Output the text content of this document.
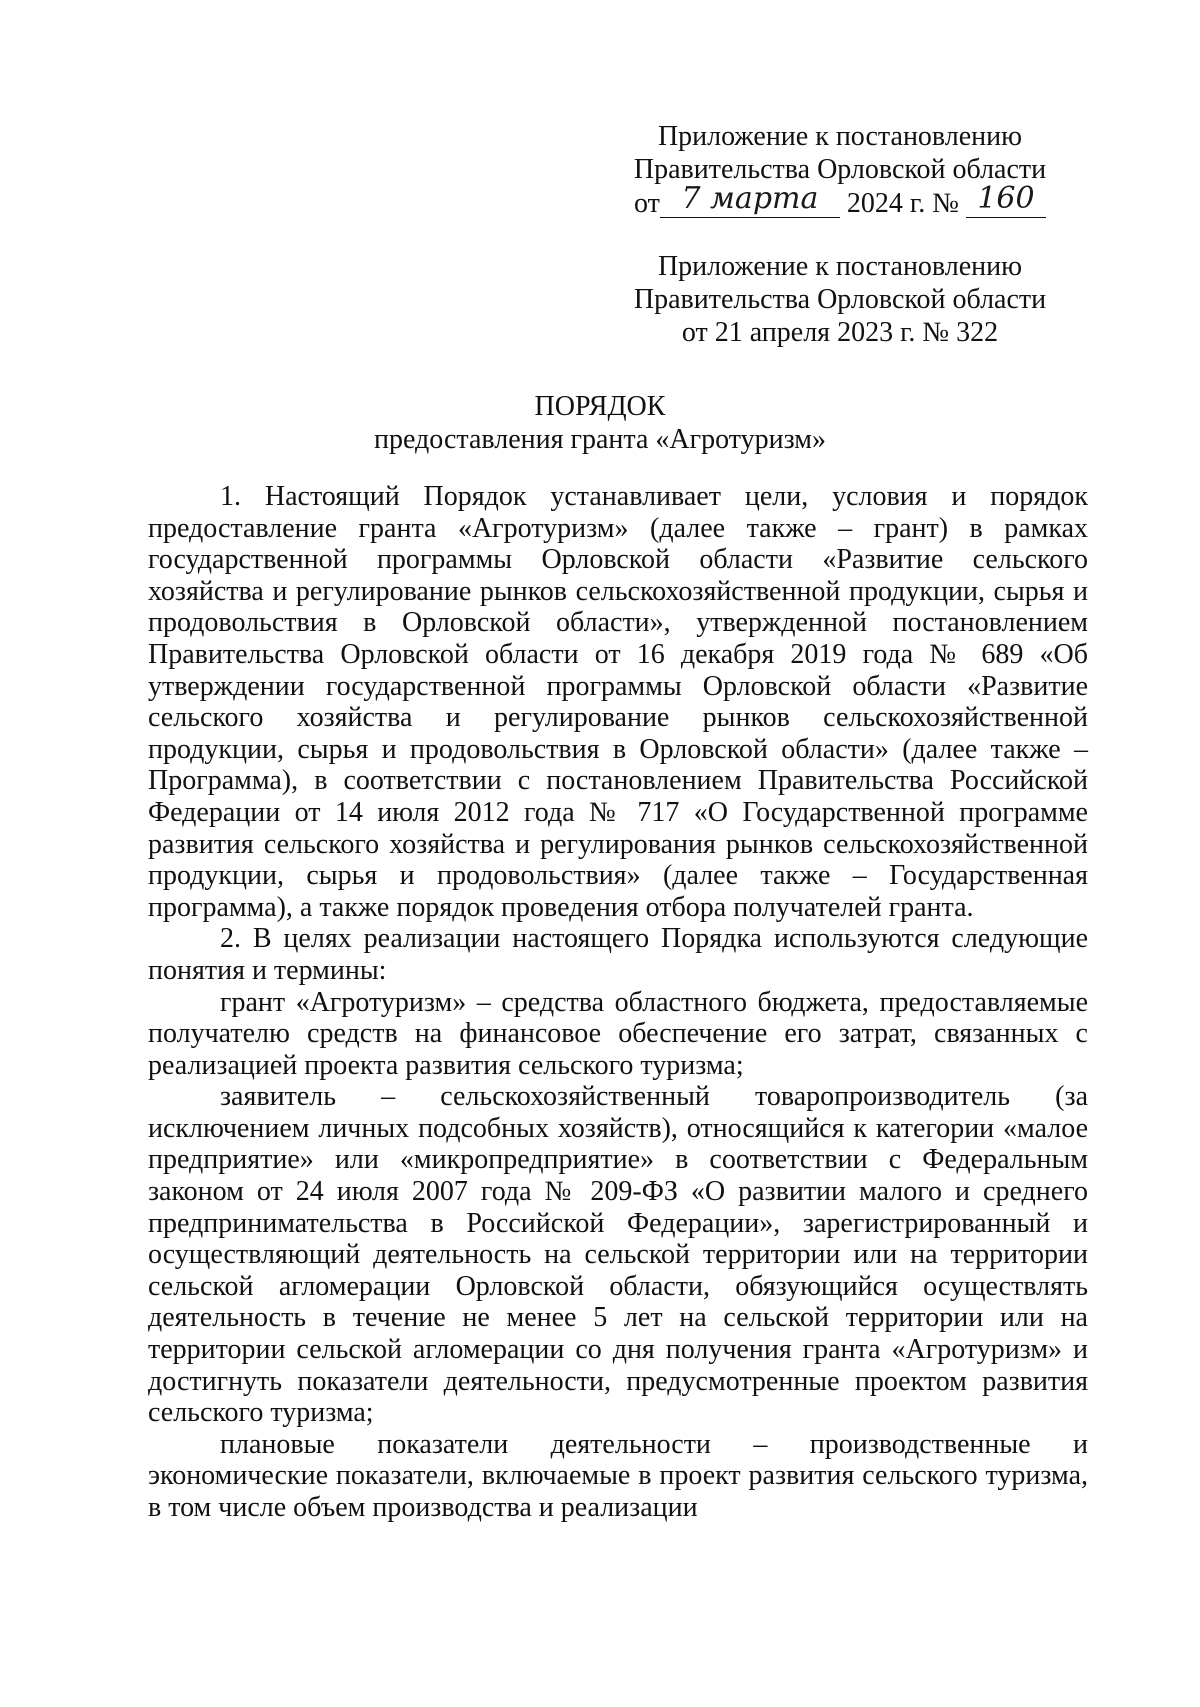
Приложение к постановлению
Правительства Орловской области
от 7 марта 2024 г. № 160
Приложение к постановлению
Правительства Орловской области
от 21 апреля 2023 г. № 322
ПОРЯДОК
предоставления гранта «Агротуризм»

1. Настоящий Порядок устанавливает цели, условия и порядок предоставление гранта «Агротуризм» (далее также – грант) в рамках государственной программы Орловской области «Развитие сельского хозяйства и регулирование рынков сельскохозяйственной продукции, сырья и продовольствия в Орловской области», утвержденной постановлением Правительства Орловской области от 16 декабря 2019 года № 689 «Об утверждении государственной программы Орловской области «Развитие сельского хозяйства и регулирование рынков сельскохозяйственной продукции, сырья и продовольствия в Орловской области» (далее также – Программа), в соответствии с постановлением Правительства Российской Федерации от 14 июля 2012 года № 717 «О Государственной программе развития сельского хозяйства и регулирования рынков сельскохозяйственной продукции, сырья и продовольствия» (далее также – Государственная программа), а также порядок проведения отбора получателей гранта.

2. В целях реализации настоящего Порядка используются следующие понятия и термины:

грант «Агротуризм» – средства областного бюджета, предоставляемые получателю средств на финансовое обеспечение его затрат, связанных с реализацией проекта развития сельского туризма;

заявитель – сельскохозяйственный товаропроизводитель (за исключением личных подсобных хозяйств), относящийся к категории «малое предприятие» или «микропредприятие» в соответствии с Федеральным законом от 24 июля 2007 года № 209-ФЗ «О развитии малого и среднего предпринимательства в Российской Федерации», зарегистрированный и осуществляющий деятельность на сельской территории или на территории сельской агломерации Орловской области, обязующийся осуществлять деятельность в течение не менее 5 лет на сельской территории или на территории сельской агломерации со дня получения гранта «Агротуризм» и достигнуть показатели деятельности, предусмотренные проектом развития сельского туризма;

плановые показатели деятельности – производственные и экономические показатели, включаемые в проект развития сельского туризма, в том числе объем производства и реализации
